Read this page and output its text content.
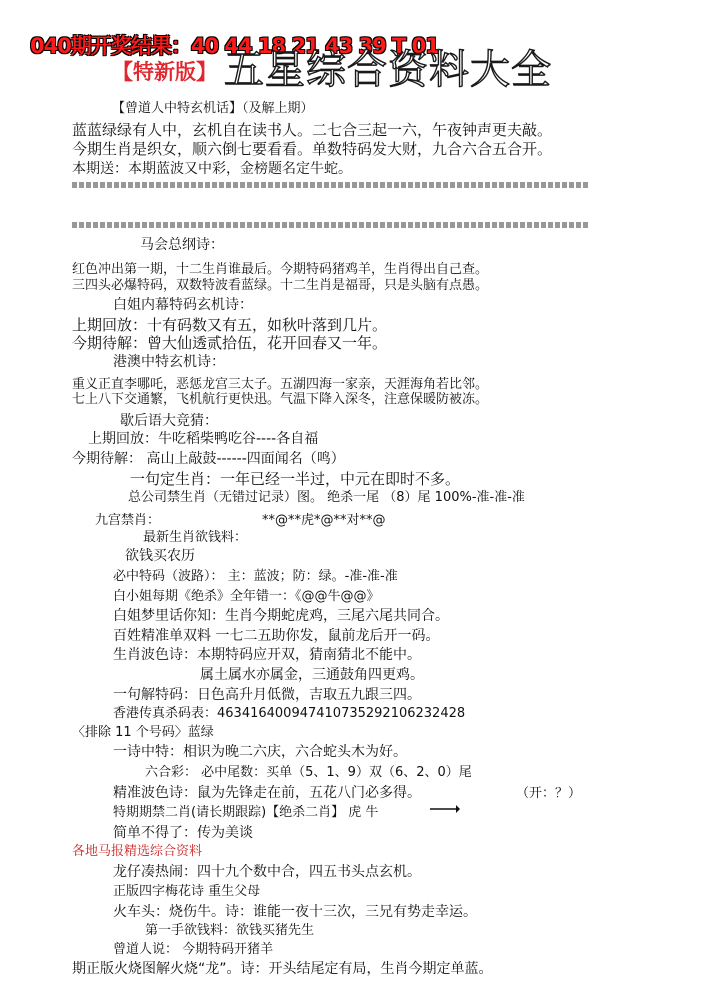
040期开奖结果：40 44 18 21 43 39 T 01
【特新版】 五星综合资料大全
【曾道人中特玄机话】（及解上期）
蓝蓝绿绿有人中，玄机自在读书人。二七合三起一六，午夜钟声更夫敲。
今期生肖是织女，顺六倒七要看看。单数特码发大财，九合六合五合开。
本期送：本期蓝波又中彩，金榜题名定牛蛇。
马会总纲诗：
红色冲出第一期，十二生肖谁最后。今期特码猪鸡羊，生肖得出自己查。
三四头必爆特码，双数特波看蓝绿。十二生肖是福哥，只是头脑有点愚。
白姐内幕特码玄机诗：
上期回放：十有码数又有五，如秋叶落到几片。
今期待解：曾大仙透贰拾伍，花开回春又一年。
港澳中特玄机诗：
重义正直李哪吒，恶惩龙宫三太子。五湖四海一家亲，天涯海角若比邻。
七上八下交通繁，飞机航行更快迅。气温下降入深冬，注意保暖防被冻。
歇后语大竞猜：
上期回放：牛吃稻柴鸭吃谷----各自福
今期待解： 高山上敲鼓------四面闻名（鸣）
一句定生肖：一年已经一半过，中元在即时不多。
总公司禁生肖（无错过记录）图。 绝杀一尾 （8）尾 100%-准-准-准
九宫禁肖：	**@**虎*@**对**@
最新生肖欲钱料：
欲钱买农历
必中特码（波路）： 主：蓝波；防：绿。-准-准-准
白小姐每期《绝杀》全年错一：《@@牛@@》
白姐梦里话你知：生肖今期蛇虎鸡，三尾六尾共同合。
百姓精准单双料 一七二五助你发，鼠前龙后开一码。
生肖波色诗：本期特码应开双，猜南猜北不能中。
属土属水亦属金，三通鼓角四更鸡。
一句解特码：日色高升月低微，吉取五九跟三四。
香港传真杀码表：463416400947410735292106232428
〈排除 11 个号码〉蓝绿
一诗中特：相识为晚二六庆，六合蛇头木为好。
六合彩： 必中尾数：买单（5、1、9）双（6、2、0）尾
精准波色诗：鼠为先锋走在前，五花八门必多得。	（开：？）
特期期禁二肖(请长期跟踪)【绝杀二肖】 虎 牛
简单不得了：传为美谈
各地马报精选综合资料
龙仔凑热闹：四十九个数中合，四五书头点玄机。
正版四字梅花诗 重生父母
火车头：烧伤牛。诗：谁能一夜十三次，三兄有势走幸运。
第一手欲钱料：欲钱买猪先生
曾道人说： 今期特码开猪羊
期正版火烧图解火烧“龙”。诗：开头结尾定有局，生肖今期定单蓝。
